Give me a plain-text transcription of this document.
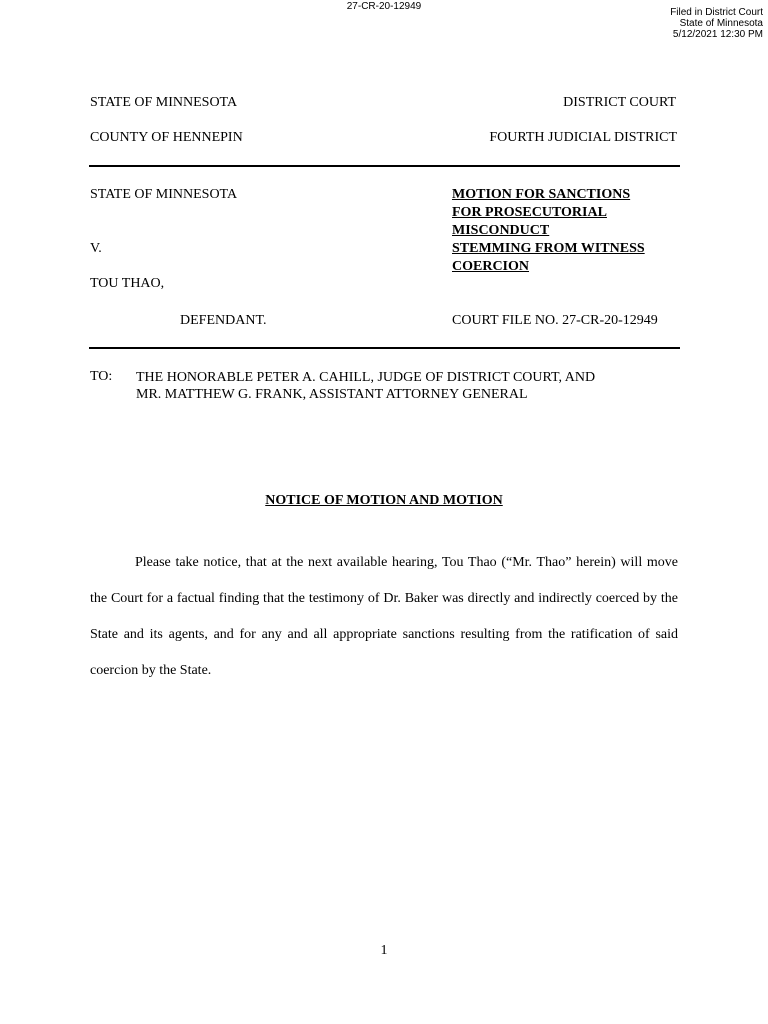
27-CR-20-12949
Filed in District Court
State of Minnesota
5/12/2021 12:30 PM
STATE OF MINNESOTA	DISTRICT COURT
COUNTY OF HENNEPIN	FOURTH JUDICIAL DISTRICT
STATE OF MINNESOTA
V.
TOU THAO,
DEFENDANT.
MOTION FOR SANCTIONS
FOR PROSECUTORIAL
MISCONDUCT
STEMMING FROM WITNESS
COERCION
COURT FILE NO. 27-CR-20-12949
TO: THE HONORABLE PETER A. CAHILL, JUDGE OF DISTRICT COURT, AND
MR. MATTHEW G. FRANK, ASSISTANT ATTORNEY GENERAL
NOTICE OF MOTION AND MOTION
Please take notice, that at the next available hearing, Tou Thao (“Mr. Thao” herein) will move the Court for a factual finding that the testimony of Dr. Baker was directly and indirectly coerced by the State and its agents, and for any and all appropriate sanctions resulting from the ratification of said coercion by the State.
1
